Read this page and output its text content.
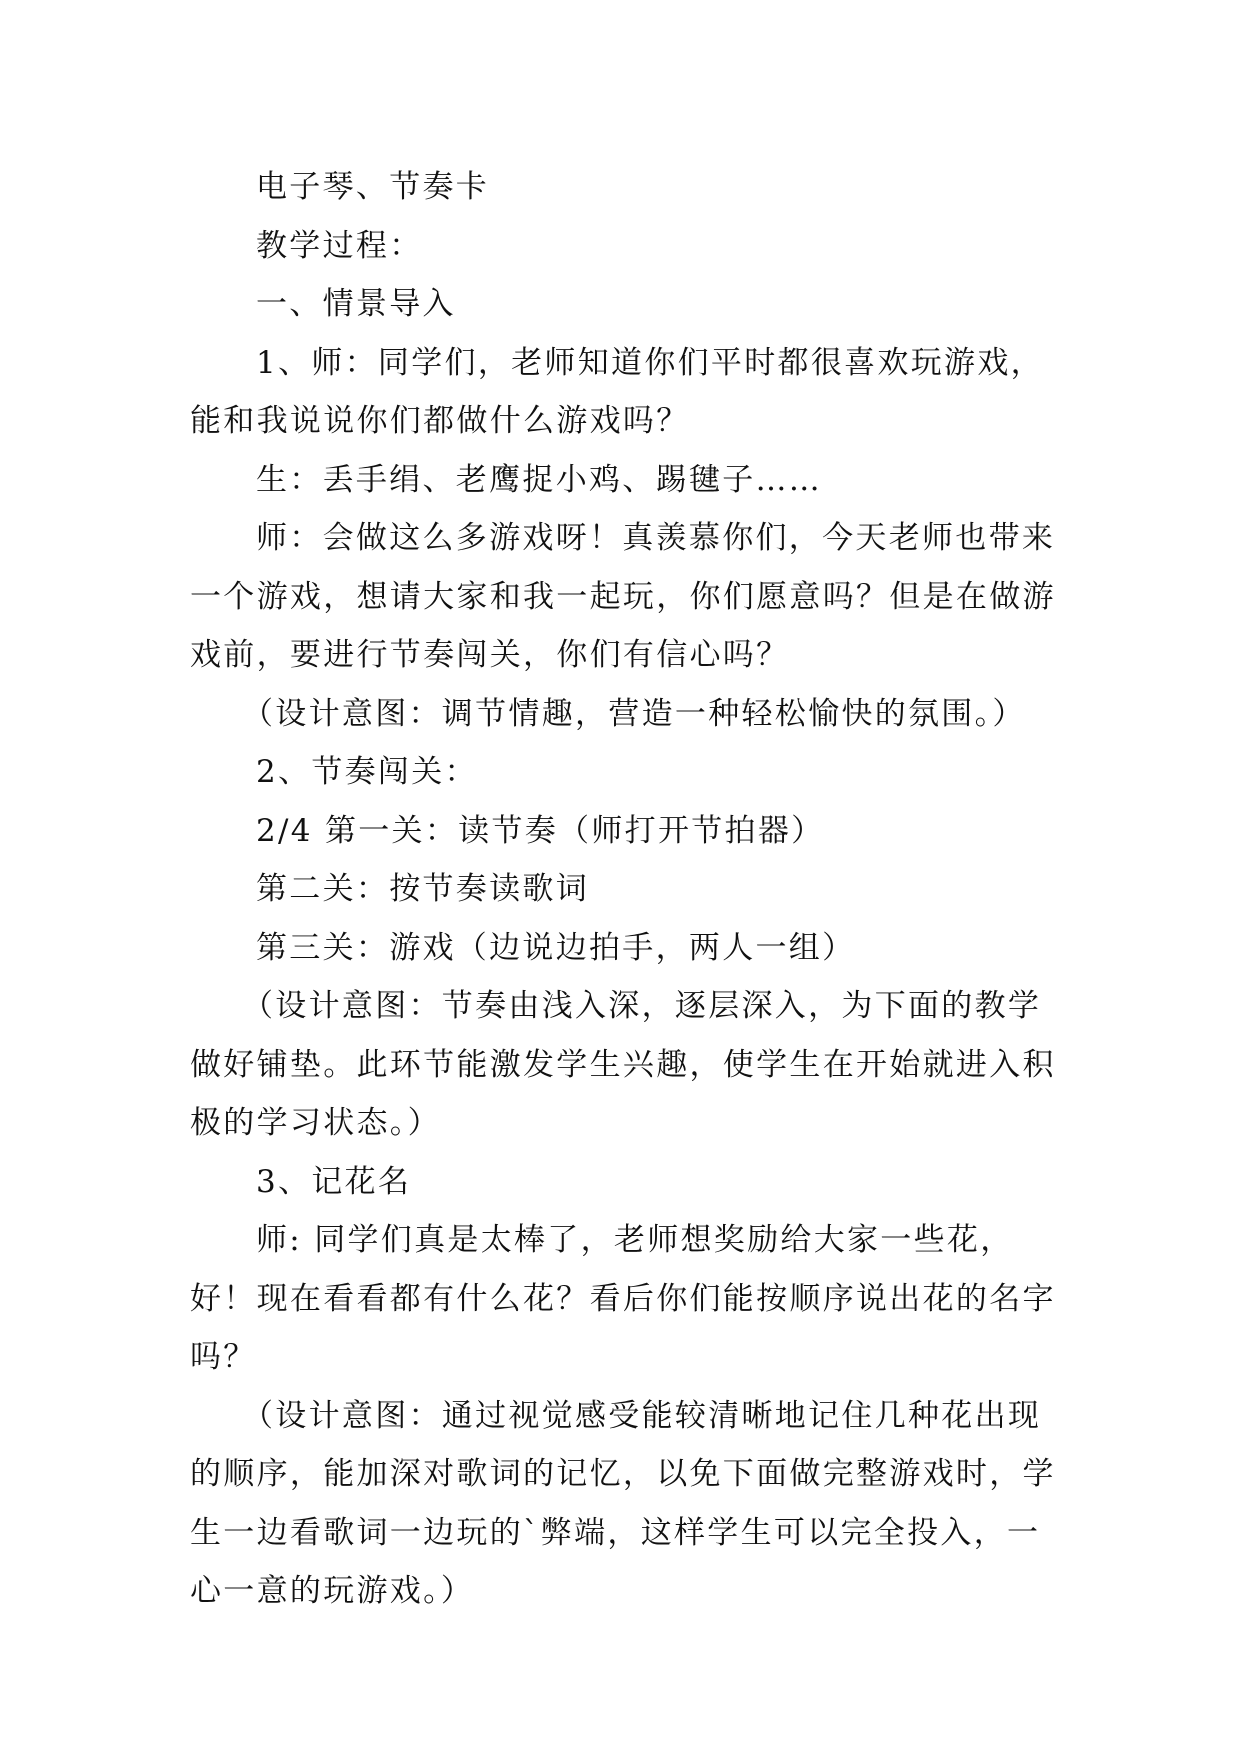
电子琴、节奏卡

教学过程：

一、情景导入

1、师：同学们，老师知道你们平时都很喜欢玩游戏，能和我说说你们都做什么游戏吗？

生：丢手绢、老鹰捉小鸡、踢毽子……

师：会做这么多游戏呀！真羡慕你们，今天老师也带来一个游戏，想请大家和我一起玩，你们愿意吗？但是在做游戏前，要进行节奏闯关，你们有信心吗？

（设计意图：调节情趣，营造一种轻松愉快的氛围。）

2、节奏闯关：

2/4 第一关：读节奏（师打开节拍器）

第二关：按节奏读歌词

第三关：游戏（边说边拍手，两人一组）

（设计意图：节奏由浅入深，逐层深入，为下面的教学做好铺垫。此环节能激发学生兴趣，使学生在开始就进入积极的学习状态。）

3、记花名

师: 同学们真是太棒了，老师想奖励给大家一些花，好！现在看看都有什么花？看后你们能按顺序说出花的名字吗？

（设计意图：通过视觉感受能较清晰地记住几种花出现的顺序，能加深对歌词的记忆，以免下面做完整游戏时，学生一边看歌词一边玩的`弊端，这样学生可以完全投入，一心一意的玩游戏。）
